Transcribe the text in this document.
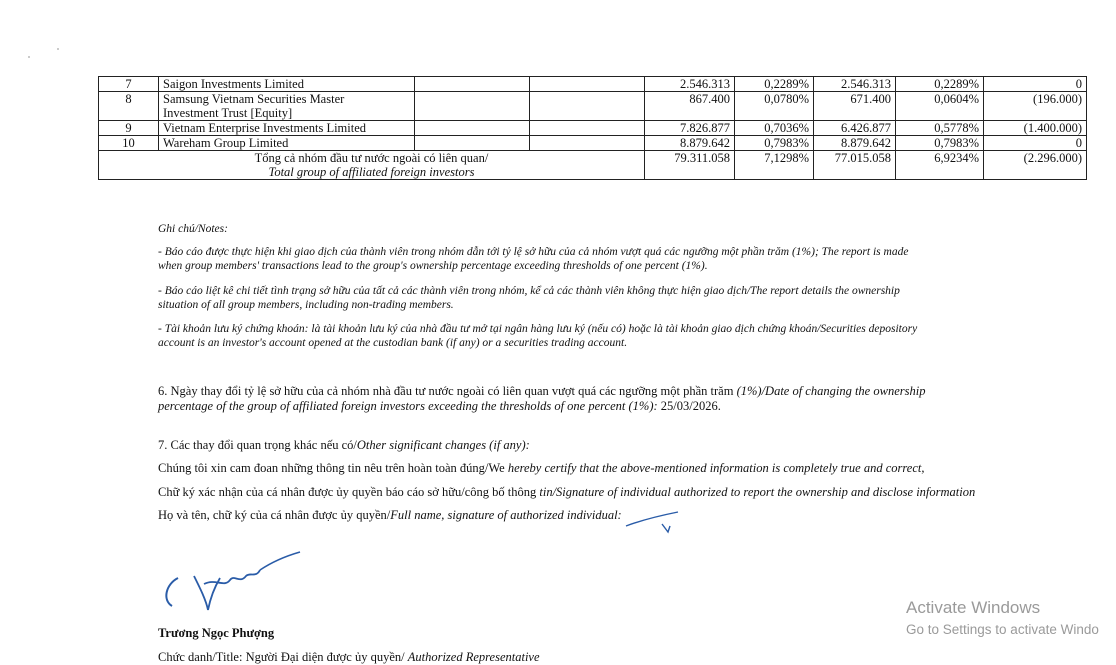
7	Saigon Investments Limited			2.546.313	0,2289%	2.546.313	0,2289%	0
8	Samsung Vietnam Securities Master
Investment Trust [Equity]			867.400	0,0780%	671.400	0,0604%	(196.000)
9	Vietnam Enterprise Investments Limited			7.826.877	0,7036%	6.426.877	0,5778%	(1.400.000)
10	Wareham Group Limited			8.879.642	0,7983%	8.879.642	0,7983%	0

Tổng cả nhóm đầu tư nước ngoài có liên quan/
Total group of affiliated foreign investors				79.311.058	7,1298%	77.015.058	6,9234%	(2.296.000)
Ghi chú/Notes:
- Báo cáo được thực hiện khi giao dịch của thành viên trong nhóm dẫn tới tỷ lệ sở hữu của cả nhóm vượt quá các ngưỡng một phần trăm (1%); The report is made
when group members' transactions lead to the group's ownership percentage exceeding thresholds of one percent (1%).
- Báo cáo liệt kê chi tiết tình trạng sở hữu của tất cả các thành viên trong nhóm, kể cả các thành viên không thực hiện giao dịch/The report details the ownership
situation of all group members, including non-trading members.
- Tài khoản lưu ký chứng khoán: là tài khoản lưu ký của nhà đầu tư mở tại ngân hàng lưu ký (nếu có) hoặc là tài khoản giao dịch chứng khoán/Securities depository
account is an investor's account opened at the custodian bank (if any) or a securities trading account.
6. Ngày thay đổi tỷ lệ sở hữu của cả nhóm nhà đầu tư nước ngoài có liên quan vượt quá các ngưỡng một phần trăm (1%)/Date of changing the ownership
percentage of the group of affiliated foreign investors exceeding the thresholds of one percent (1%): 25/03/2026.
7. Các thay đổi quan trọng khác nếu có/Other significant changes (if any):
Chúng tôi xin cam đoan những thông tin nêu trên hoàn toàn đúng/We hereby certify that the above-mentioned information is completely true and correct,
Chữ ký xác nhận của cá nhân được ủy quyền báo cáo sở hữu/công bố thông tin/Signature of individual authorized to report the ownership and disclose information
Họ và tên, chữ ký của cá nhân được ủy quyền/Full name, signature of authorized individual:
Trương Ngọc Phượng
Chức danh/Title: Người Đại diện được ủy quyền/ Authorized Representative
Activate Windows
Go to Settings to activate Windo
